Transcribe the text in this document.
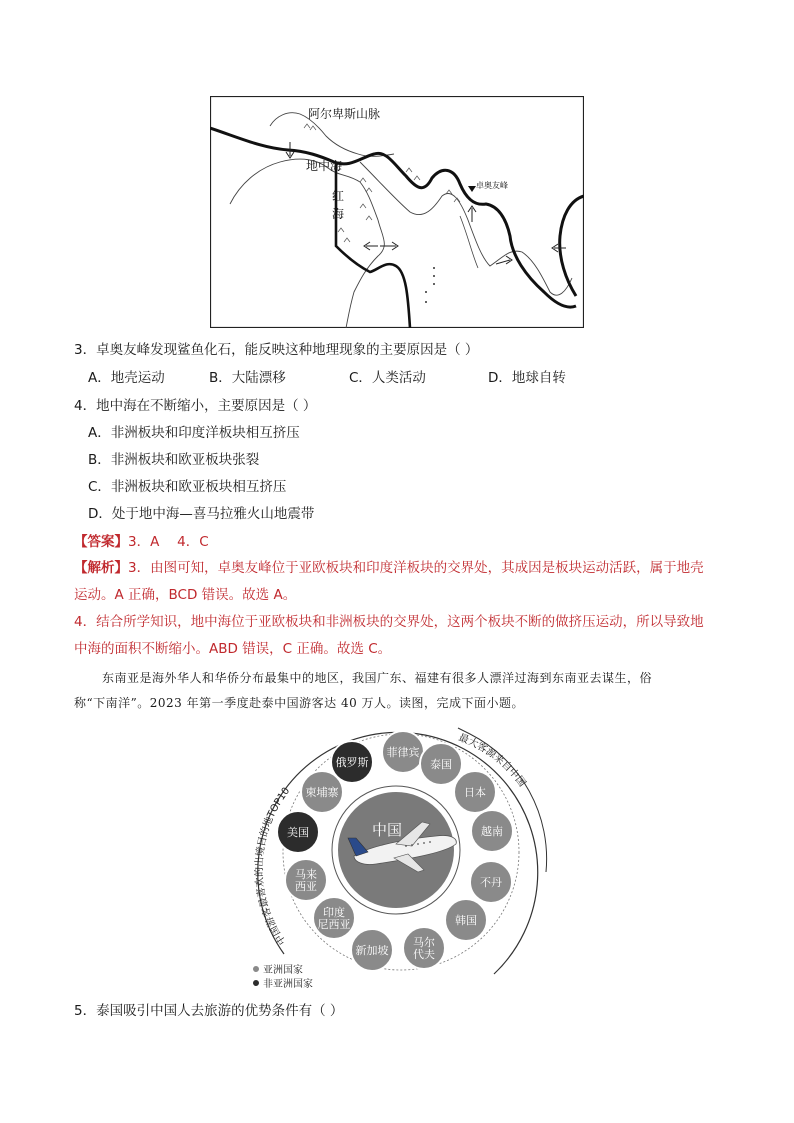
阿尔卑斯山脉
地中海
红
海
卓奥友峰
3．卓奥友峰发现鲨鱼化石，能反映这种地理现象的主要原因是（ ）
A．地壳运动	B．大陆漂移	C．人类活动	D．地球自转
4．地中海在不断缩小，主要原因是（ ）
A．非洲板块和印度洋板块相互挤压
B．非洲板块和欧亚板块张裂
C．非洲板块和欧亚板块相互挤压
D．处于地中海—喜马拉雅火山地震带
【答案】3．A　 4．C
【解析】3．由图可知，卓奥友峰位于亚欧板块和印度洋板块的交界处，其成因是板块运动活跃，属于地壳
运动。A 正确，BCD 错误。故选 A。
4．结合所学知识，地中海位于亚欧板块和非洲板块的交界处，这两个板块不断的做挤压运动，所以导致地
中海的面积不断缩小。ABD 错误，C 正确。故选 C。
东南亚是海外华人和华侨分布最集中的地区，我国广东、福建有很多人漂洋过海到东南亚去谋生，俗
称“下南洋”。2023 年第一季度赴泰中国游客达 40 万人。读图，完成下面小题。
中国游客最喜欢的出境目的地TOP10
最大客源来自中国
中国
俄罗斯
菲律宾
泰国
日本
越南
不丹
韩国
马尔
代夫
新加坡
印度
尼西亚
马来
西亚
美国
柬埔寨
亚洲国家
非亚洲国家
5．泰国吸引中国人去旅游的优势条件有（ ）
